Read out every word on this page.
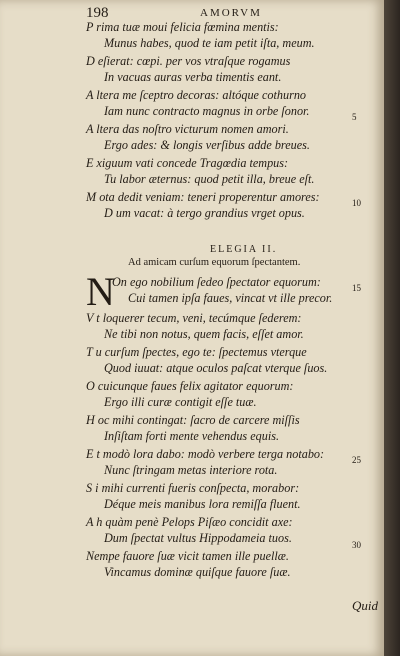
198	AMORVM
P rima tuæ moui felicia fœmina mentis:
Munus habes, quod te iam petit iſta, meum.
D eſierat: cœpi. per vos vtraſque rogamus
In vacuas auras verba timentis eant.
A ltera me ſceptro decoras: altóque cothurno
Iam nunc contracto magnus in orbe ſonor.
A ltera das noſtro victurum nomen amori.
Ergo ades: & longis verſibus adde breues.
E xiguum vati concede Tragœdia tempus:
Tu labor æternus: quod petit illa, breue eſt.
M ota dedit veniam: teneri properentur amores:
D um vacat: à tergo grandius vrget opus.
5
10
ELEGIA II.
Ad amicam curſum equorum ſpectantem.
N
On ego nobilium ſedeo ſpectator equorum:
Cui tamen ipſa faues, vincat vt ille precor.
V t loquerer tecum, veni, tecúmque ſederem:
Ne tibi non notus, quem facis, eſſet amor.
T u curſum ſpectes, ego te: ſpectemus vterque
Quod iuuat: atque oculos paſcat vterque ſuos.
O cuicunque faues felix agitator equorum:
Ergo illi curæ contigit eſſe tuæ.
H oc mihi contingat: ſacro de carcere miſſis
Inſiſtam forti mente vehendus equis.
E t modò lora dabo: modò verbere terga notabo:
Nunc ſtringam metas interiore rota.
S i mihi currenti fueris conſpecta, morabor:
Déque meis manibus lora remiſſa fluent.
A h quàm penè Pelops Piſæo concidit axe:
Dum ſpectat vultus Hippodameia tuos.
Nempe fauore ſuæ vicit tamen ille puellæ.
Vincamus dominæ quiſque fauore ſuæ.
15
25
30
Quid
